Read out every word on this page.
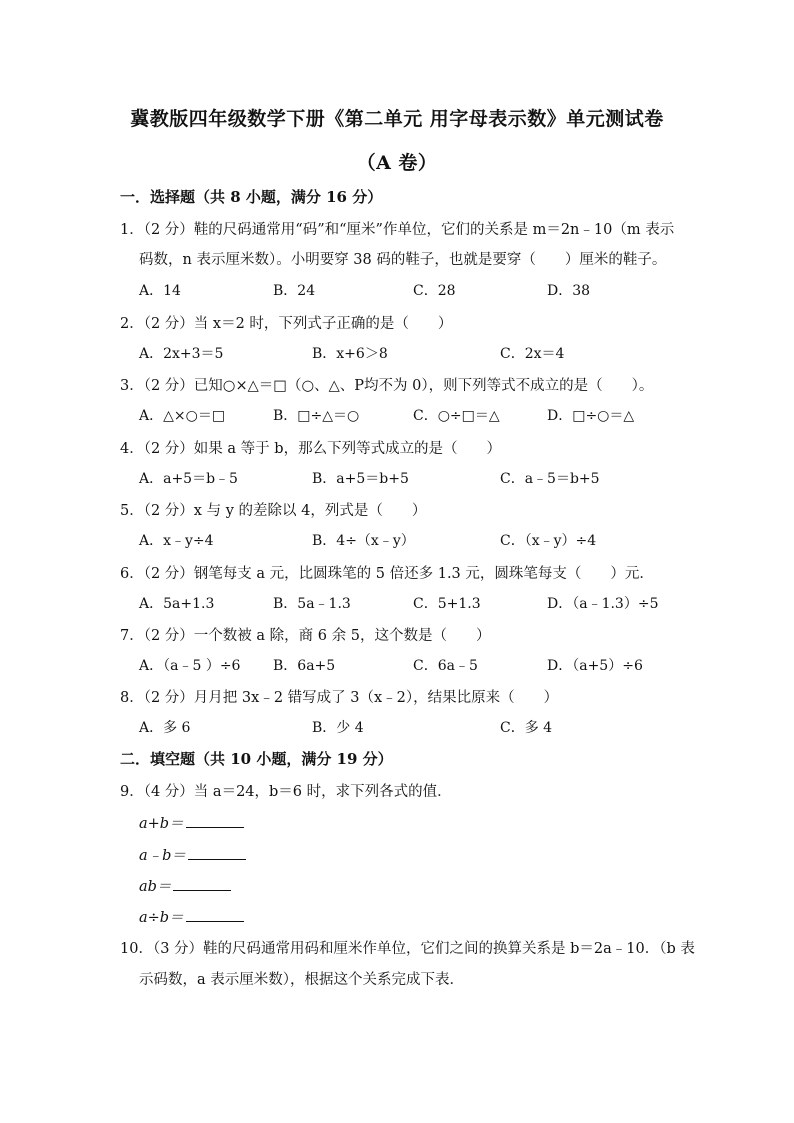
冀教版四年级数学下册《第二单元 用字母表示数》单元测试卷
（A 卷）
一．选择题（共 8 小题，满分 16 分）
1．（2 分）鞋的尺码通常用“码”和“厘米”作单位，它们的关系是 m＝2n﹣10（m 表示
码数，n 表示厘米数）。小明要穿 38 码的鞋子，也就是要穿（　　）厘米的鞋子。
A．14	B．24	C．28	D．38
2．（2 分）当 x＝2 时，下列式子正确的是（　　）
A．2x+3＝5	B．x+6＞8	C．2x＝4
3．（2 分）已知○×△＝□（○、△、P均不为 0），则下列等式不成立的是（　　）。
A．△×○＝□	B．□÷△＝○	C．○÷□＝△	D．□÷○＝△
4．（2 分）如果 a 等于 b，那么下列等式成立的是（　　）
A．a+5＝b﹣5	B．a+5＝b+5	C．a﹣5＝b+5
5．（2 分）x 与 y 的差除以 4，列式是（　　）
A．x﹣y÷4	B．4÷（x﹣y）	C．（x﹣y）÷4
6．（2 分）钢笔每支 a 元，比圆珠笔的 5 倍还多 1.3 元，圆珠笔每支（　　）元．
A．5a+1.3	B．5a﹣1.3	C．5+1.3	D．（a﹣1.3）÷5
7．（2 分）一个数被 a 除，商 6 余 5，这个数是（　　）
A．（a﹣5 ）÷6 B．6a+5	C．6a﹣5	D．（a+5）÷6
8．（2 分）月月把 3x﹣2 错写成了 3（x﹣2），结果比原来（　　）
A．多 6	B．少 4	C．多 4
二．填空题（共 10 小题，满分 19 分）
9．（4 分）当 a＝24，b＝6 时，求下列各式的值．
a+b＝
a﹣b＝
ab＝
a÷b＝
10．（3 分）鞋的尺码通常用码和厘米作单位，它们之间的换算关系是 b＝2a﹣10．（b 表
示码数，a 表示厘米数），根据这个关系完成下表．
